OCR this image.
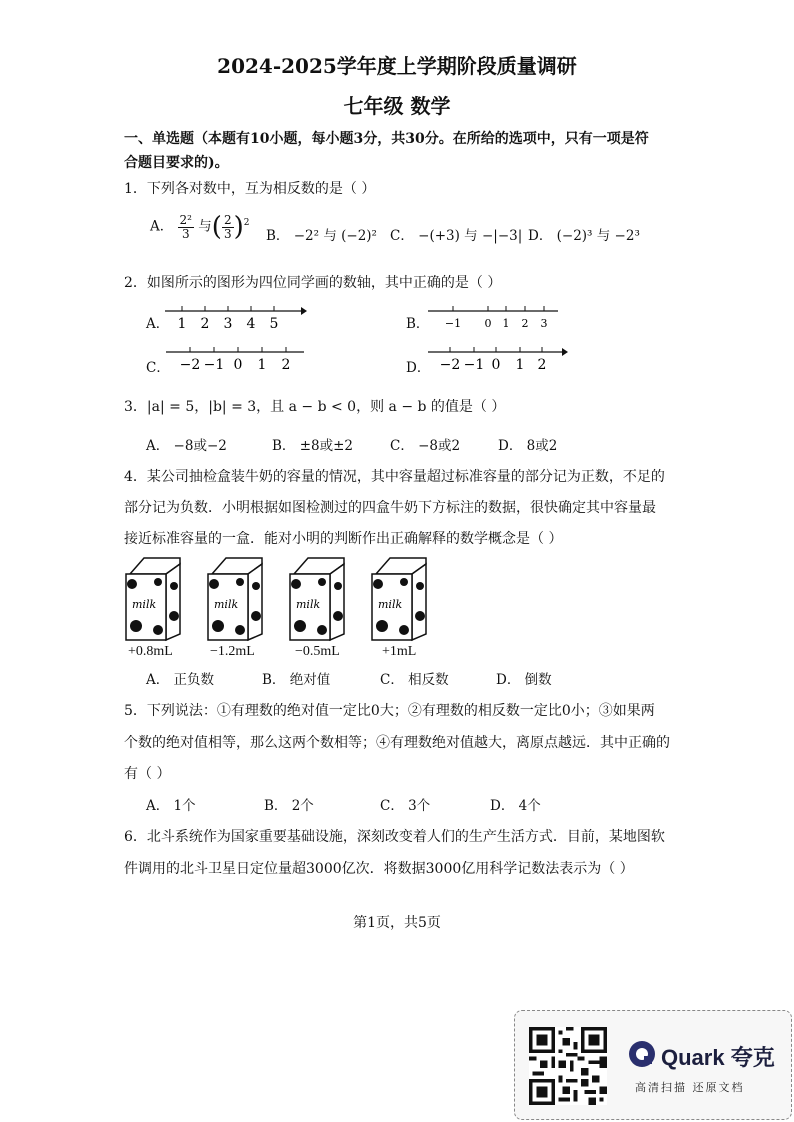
2024-2025学年度上学期阶段质量调研
七年级 数学
一、单选题（本题有10小题，每小题3分，共30分。在所给的选项中，只有一项是符
合题目要求的)。
1．下列各对数中，互为相反数的是（ ）
A． $\frac{\text{2²}}{3}$ 与( $\frac{2}{3} )^2$
B． −2² 与 (−2)² C． −(+3) 与 −|−3| D． (−2)³ 与 −2³
2．如图所示的图形为四位同学画的数轴，其中正确的是（ ）
A． 1 2 3 4 5	B． −1 0 1 2 3
C． −2 −1 0 1 2	D． −2 −1 0 1 2
3．|a| = 5，|b| = 3，且 a − b < 0，则 a − b 的值是（ ）
A． −8或−2	B． ±8或±2	C． −8或2	D． 8或2
4．某公司抽检盒装牛奶的容量的情况，其中容量超过标准容量的部分记为正数，不足的
部分记为负数．小明根据如图检测过的四盒牛奶下方标注的数据，很快确定其中容量最
接近标准容量的一盒．能对小明的判断作出正确解释的数学概念是（ ）
milk	milk	milk	milk
+0.8mL	−1.2mL	−0.5mL	+1mL
A． 正负数	B． 绝对值	C． 相反数	D． 倒数
5．下列说法：①有理数的绝对值一定比0大；②有理数的相反数一定比0小；③如果两
个数的绝对值相等，那么这两个数相等；④有理数绝对值越大，离原点越远．其中正确的
有（ ）
A． 1个	B． 2个	C． 3个	D． 4个
6．北斗系统作为国家重要基础设施，深刻改变着人们的生产生活方式．目前，某地图软
件调用的北斗卫星日定位量超3000亿次．将数据3000亿用科学记数法表示为（ ）
第1页，共5页
Quark 夸克
高清扫描 还原文档
